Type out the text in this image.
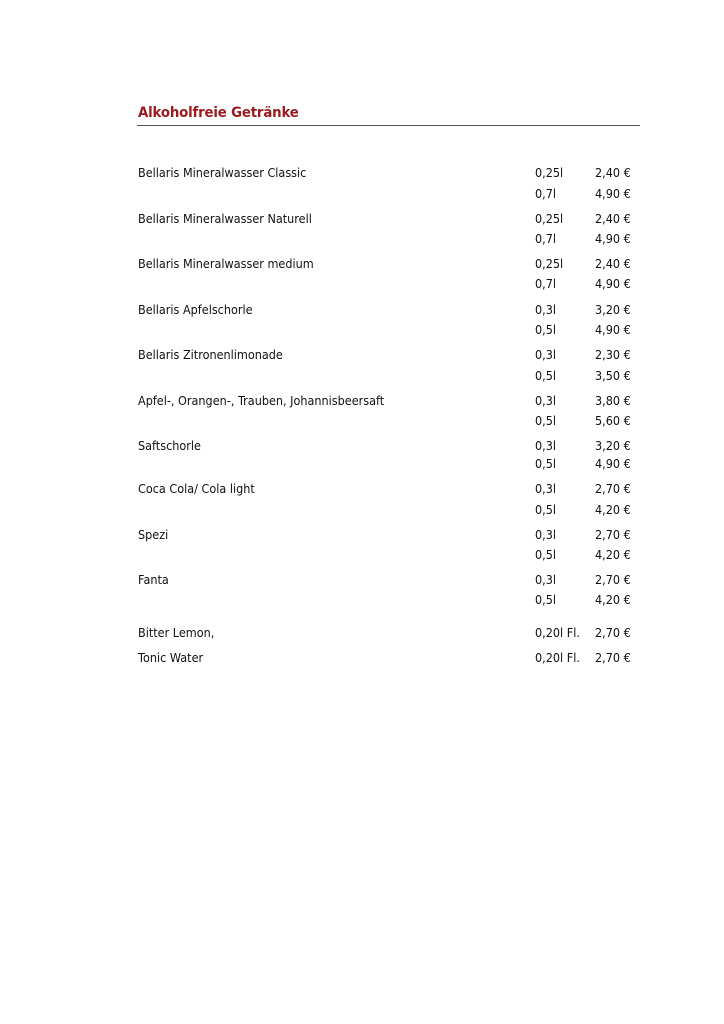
Alkoholfreie Getränke
Bellaris Mineralwasser Classic	0,25l	2,40 €
0,7l	4,90 €
Bellaris Mineralwasser Naturell	0,25l	2,40 €
0,7l	4,90 €
Bellaris Mineralwasser medium	0,25l	2,40 €
0,7l	4,90 €
Bellaris Apfelschorle	0,3l	3,20 €
0,5l	4,90 €
Bellaris Zitronenlimonade	0,3l	2,30 €
0,5l	3,50 €
Apfel-, Orangen-, Trauben, Johannisbeersaft	0,3l	3,80 €
0,5l	5,60 €
Saftschorle	0,3l	3,20 €
0,5l	4,90 €
Coca Cola/ Cola light	0,3l	2,70 €
0,5l	4,20 €
Spezi	0,3l	2,70 €
0,5l	4,20 €
Fanta	0,3l	2,70 €
0,5l	4,20 €
Bitter Lemon,	0,20l Fl. 2,70 €
Tonic Water	0,20l Fl. 2,70 €
